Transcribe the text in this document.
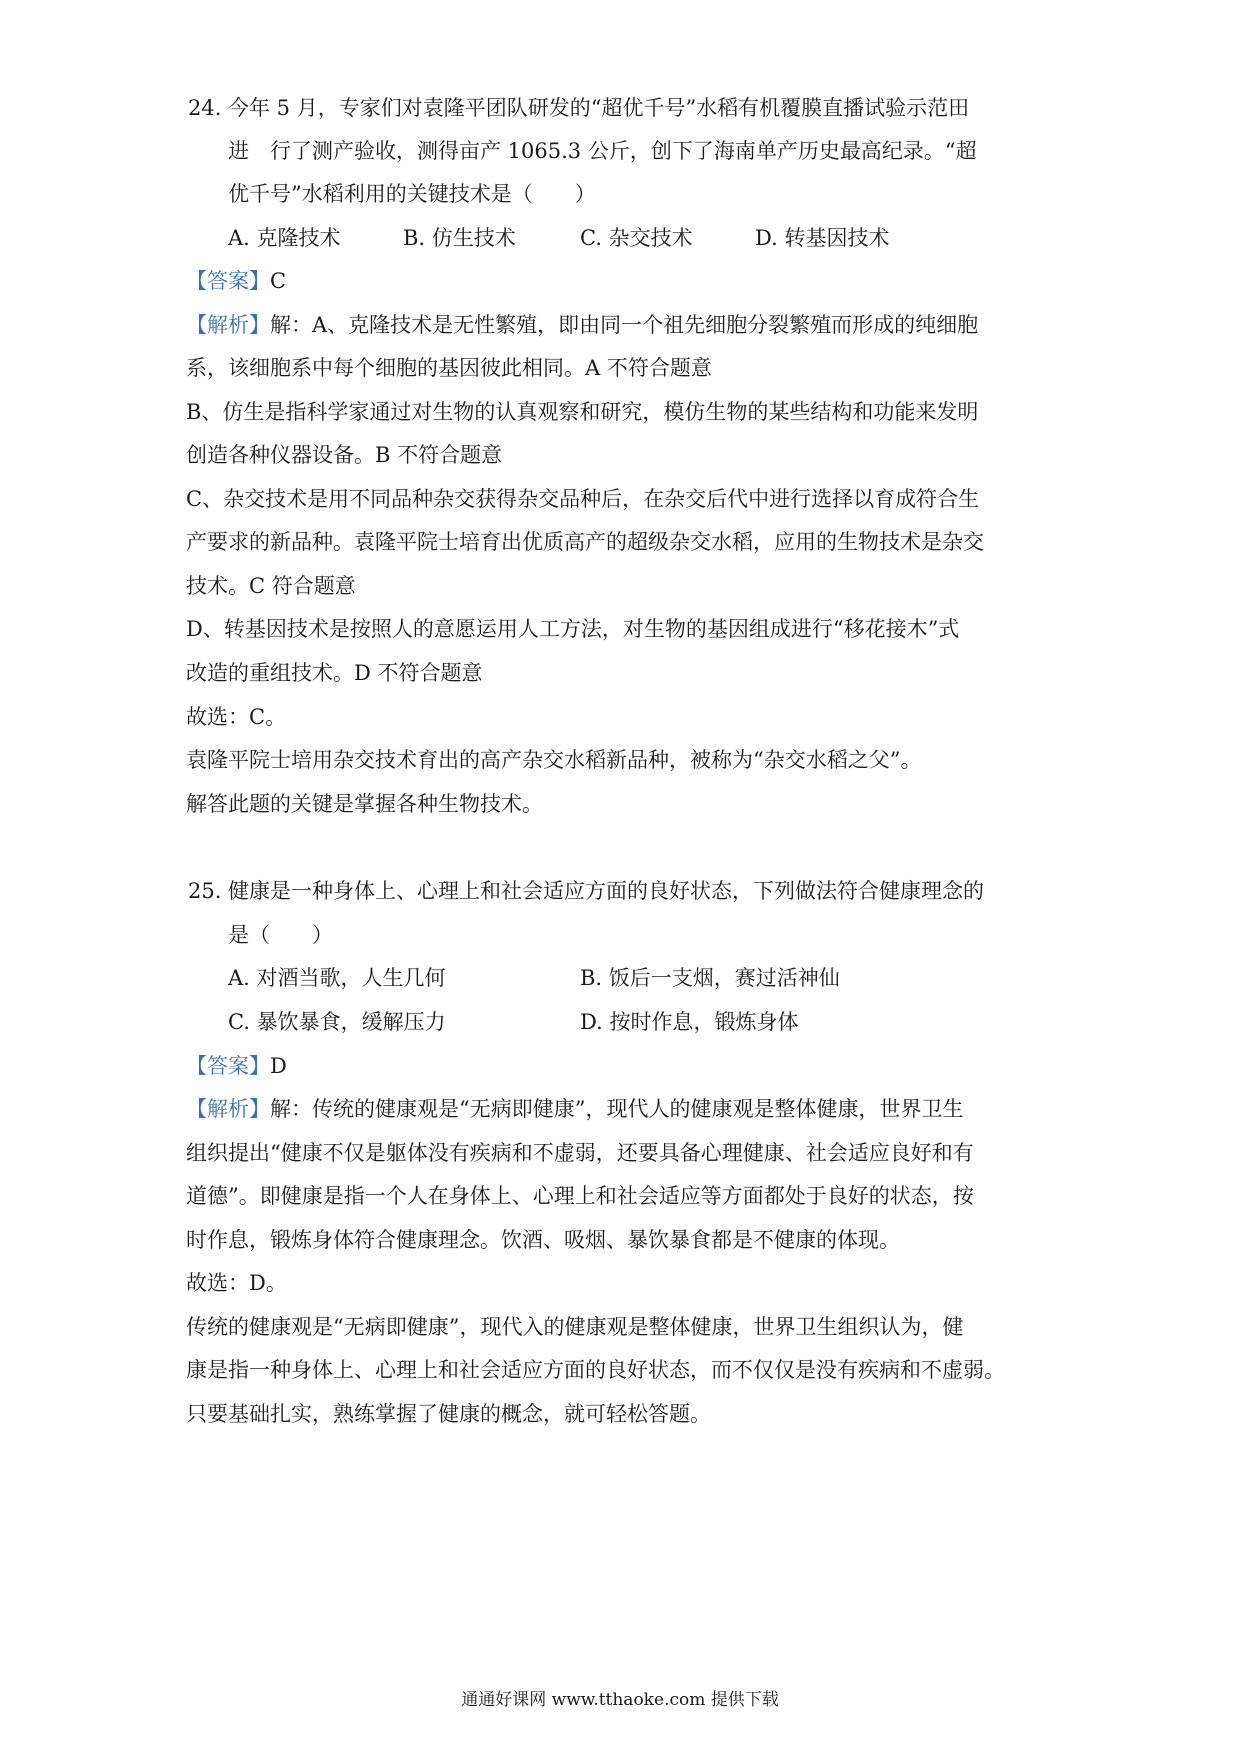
24. 今年 5 月，专家们对袁隆平团队研发的“超优千号”水稻有机覆膜直播试验示范田
进　行了测产验收，测得亩产 1065.3 公斤，创下了海南单产历史最高纪录。“超
优千号”水稻利用的关键技术是（　　）
A. 克隆技术	B. 仿生技术	C. 杂交技术	D. 转基因技术
【答案】C
【解析】解：A、克隆技术是无性繁殖，即由同一个祖先细胞分裂繁殖而形成的纯细胞
系，该细胞系中每个细胞的基因彼此相同。A 不符合题意
B、仿生是指科学家通过对生物的认真观察和研究，模仿生物的某些结构和功能来发明
创造各种仪器设备。B 不符合题意
C、杂交技术是用不同品种杂交获得杂交品种后，在杂交后代中进行选择以育成符合生
产要求的新品种。袁隆平院士培育出优质高产的超级杂交水稻，应用的生物技术是杂交
技术。C 符合题意
D、转基因技术是按照人的意愿运用人工方法，对生物的基因组成进行“移花接木”式
改造的重组技术。D 不符合题意
故选：C。
袁隆平院士培用杂交技术育出的高产杂交水稻新品种，被称为“杂交水稻之父”。
解答此题的关键是掌握各种生物技术。
25. 健康是一种身体上、心理上和社会适应方面的良好状态，下列做法符合健康理念的
是（　　）
A. 对酒当歌，人生几何	B. 饭后一支烟，赛过活神仙
C. 暴饮暴食，缓解压力	D. 按时作息，锻炼身体
【答案】D
【解析】解：传统的健康观是“无病即健康”，现代人的健康观是整体健康，世界卫生
组织提出“健康不仅是躯体没有疾病和不虚弱，还要具备心理健康、社会适应良好和有
道德”。即健康是指一个人在身体上、心理上和社会适应等方面都处于良好的状态，按
时作息，锻炼身体符合健康理念。饮酒、吸烟、暴饮暴食都是不健康的体现。
故选：D。
传统的健康观是“无病即健康”，现代入的健康观是整体健康，世界卫生组织认为，健
康是指一种身体上、心理上和社会适应方面的良好状态，而不仅仅是没有疾病和不虚弱。
只要基础扎实，熟练掌握了健康的概念，就可轻松答题。
通通好课网 www.tthaoke.com 提供下载
